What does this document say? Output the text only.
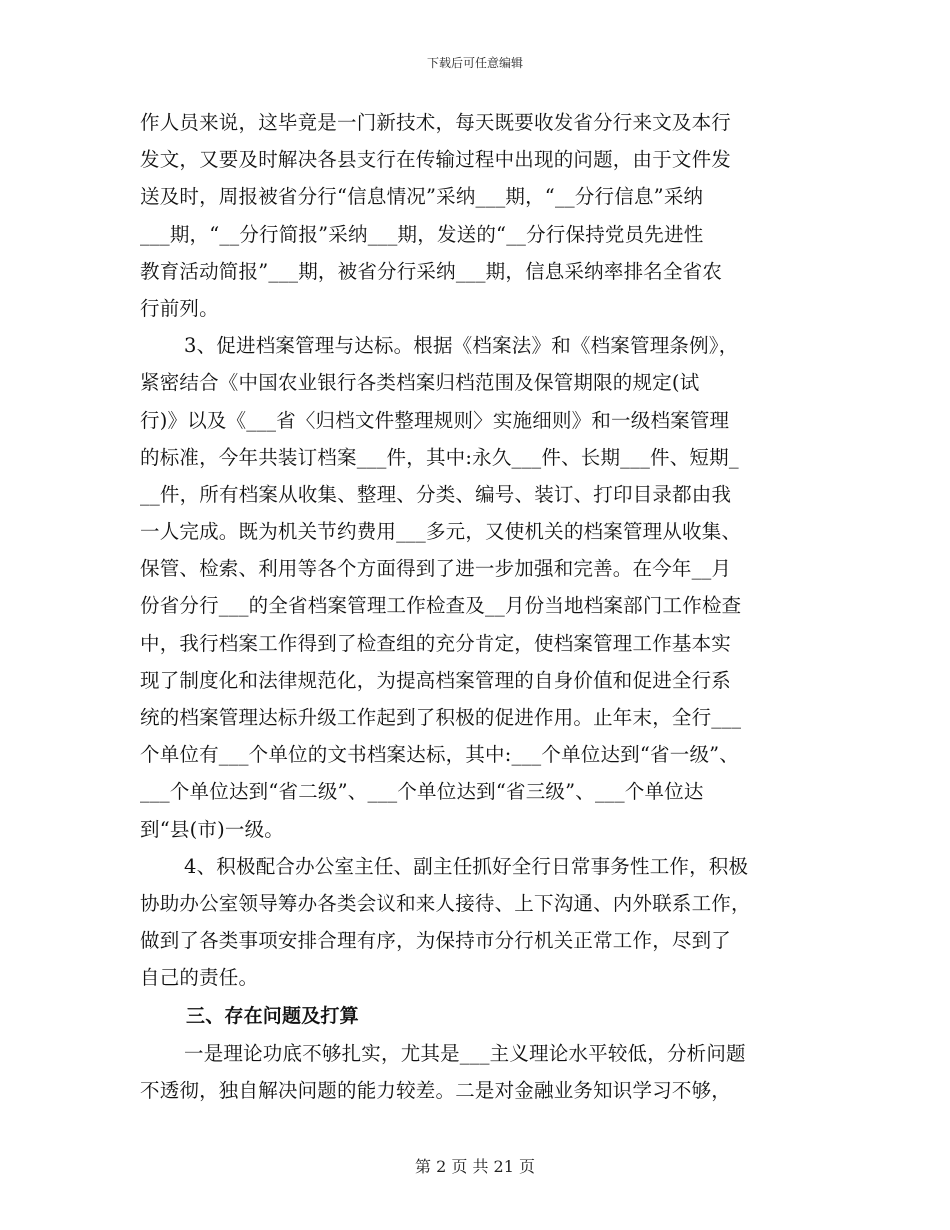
下载后可任意编辑
作人员来说，这毕竟是一门新技术，每天既要收发省分行来文及本行
发文，又要及时解决各县支行在传输过程中出现的问题，由于文件发
送及时，周报被省分行“信息情况”采纳___期，“__分行信息”采纳
___期，“__分行简报”采纳___期，发送的“__分行保持党员先进性
教育活动简报”___期，被省分行采纳___期，信息采纳率排名全省农
行前列。
3、促进档案管理与达标。根据《档案法》和《档案管理条例》，
紧密结合《中国农业银行各类档案归档范围及保管期限的规定(试
行)》以及《___省〈归档文件整理规则〉实施细则》和一级档案管理
的标准，今年共装订档案___件，其中:永久___件、长期___件、短期_
__件，所有档案从收集、整理、分类、编号、装订、打印目录都由我
一人完成。既为机关节约费用___多元，又使机关的档案管理从收集、
保管、检索、利用等各个方面得到了进一步加强和完善。在今年__月
份省分行___的全省档案管理工作检查及__月份当地档案部门工作检查
中，我行档案工作得到了检查组的充分肯定，使档案管理工作基本实
现了制度化和法律规范化，为提高档案管理的自身价值和促进全行系
统的档案管理达标升级工作起到了积极的促进作用。止年末，全行___
个单位有___个单位的文书档案达标，其中:___个单位达到“省一级”、
___个单位达到“省二级”、___个单位达到“省三级”、___个单位达
到“县(市)一级。
4、积极配合办公室主任、副主任抓好全行日常事务性工作，积极
协助办公室领导筹办各类会议和来人接待、上下沟通、内外联系工作，
做到了各类事项安排合理有序，为保持市分行机关正常工作，尽到了
自己的责任。
三、存在问题及打算
一是理论功底不够扎实，尤其是___主义理论水平较低，分析问题
不透彻，独自解决问题的能力较差。二是对金融业务知识学习不够，
第 2 页 共 21 页
